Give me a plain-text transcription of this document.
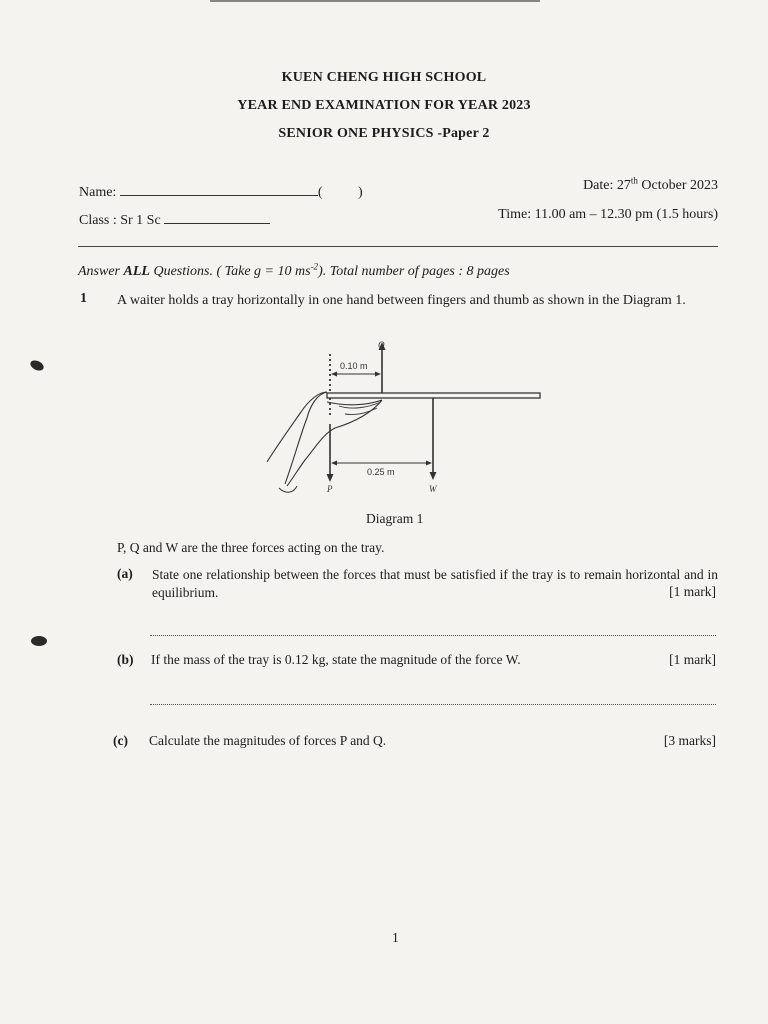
KUEN CHENG HIGH SCHOOL
YEAR END EXAMINATION FOR YEAR 2023
SENIOR ONE PHYSICS -Paper 2
Name:	(	)	Date: 27th October 2023
Class : Sr 1 Sc	Time: 11.00 am – 12.30 pm (1.5 hours)
Answer ALL Questions. ( Take g = 10 $ms^{-2}$). Total number of pages : 8 pages
1 A waiter holds a tray horizontally in one hand between fingers and thumb as shown in the Diagram 1.
Q
0.10 m
0.25 m
P	W
Diagram 1
P, Q and W are the three forces acting on the tray.
(a) State one relationship between the forces that must be satisfied if the tray is to remain horizontal and in equilibrium.	[1 mark]
(b) If the mass of the tray is 0.12 kg, state the magnitude of the force W.	[1 mark]
(c) Calculate the magnitudes of forces P and Q.	[3 marks]
1
